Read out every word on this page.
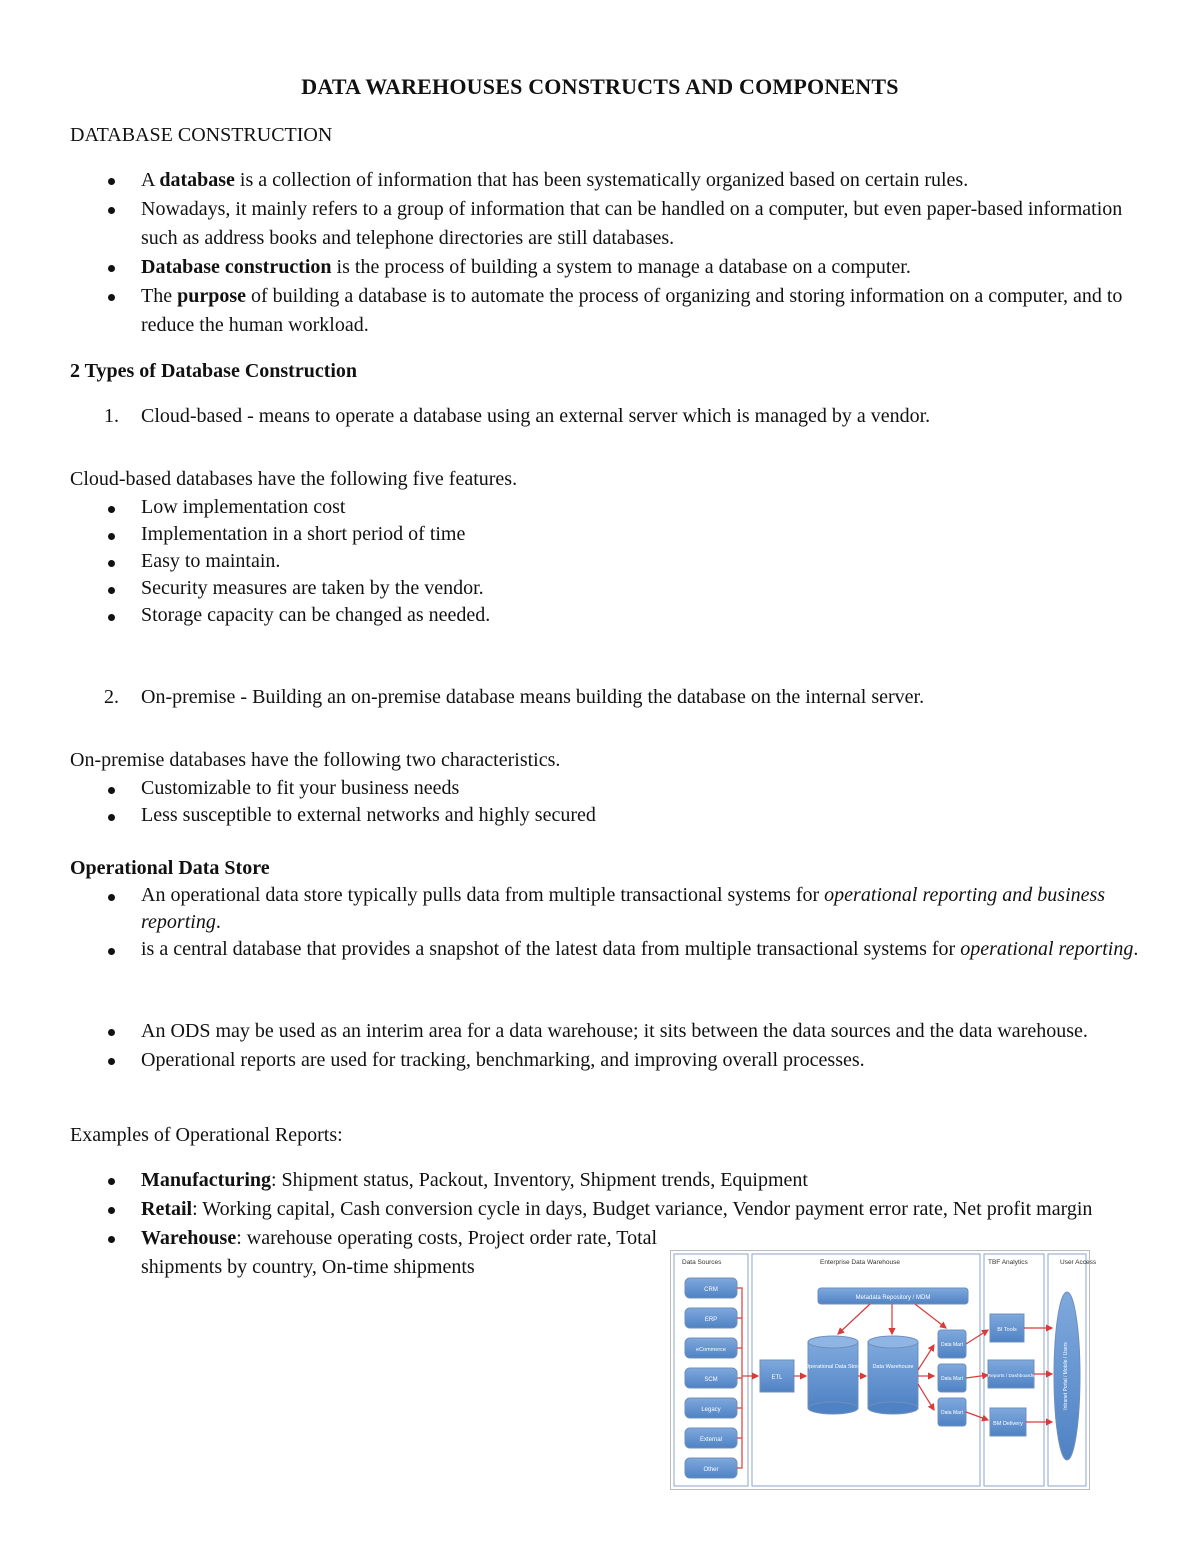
DATA WAREHOUSES CONSTRUCTS AND COMPONENTS
DATABASE CONSTRUCTION
A database is a collection of information that has been systematically organized based on certain rules.
Nowadays, it mainly refers to a group of information that can be handled on a computer, but even paper-based information such as address books and telephone directories are still databases.
Database construction is the process of building a system to manage a database on a computer.
The purpose of building a database is to automate the process of organizing and storing information on a computer, and to reduce the human workload.
2 Types of Database Construction
1. Cloud-based - means to operate a database using an external server which is managed by a vendor.
Cloud-based databases have the following five features.
Low implementation cost
Implementation in a short period of time
Easy to maintain.
Security measures are taken by the vendor.
Storage capacity can be changed as needed.
2. On-premise - Building an on-premise database means building the database on the internal server.
On-premise databases have the following two characteristics.
Customizable to fit your business needs
Less susceptible to external networks and highly secured
Operational Data Store
An operational data store typically pulls data from multiple transactional systems for operational reporting and business reporting.
is a central database that provides a snapshot of the latest data from multiple transactional systems for operational reporting.
An ODS may be used as an interim area for a data warehouse; it sits between the data sources and the data warehouse.
Operational reports are used for tracking, benchmarking, and improving overall processes.
Examples of Operational Reports:
Manufacturing: Shipment status, Packout, Inventory, Shipment trends, Equipment
Retail: Working capital, Cash conversion cycle in days, Budget variance, Vendor payment error rate, Net profit margin
Warehouse: warehouse operating costs, Project order rate, Total shipments by country, On-time shipments	Data Sources	Enterprise Data Warehouse	TBF Analytics	User Access
CRM
ERP
eCommerce
SCM
Legacy
External
Other
ETL
Metadata Repository / MDM
Operational Data Store Data Warehouse
Data Mart
Data Mart
Data Mart
BI Tools
Reports / Dashboards
BM Delivery
Intranet Portal / Mobile / Users
